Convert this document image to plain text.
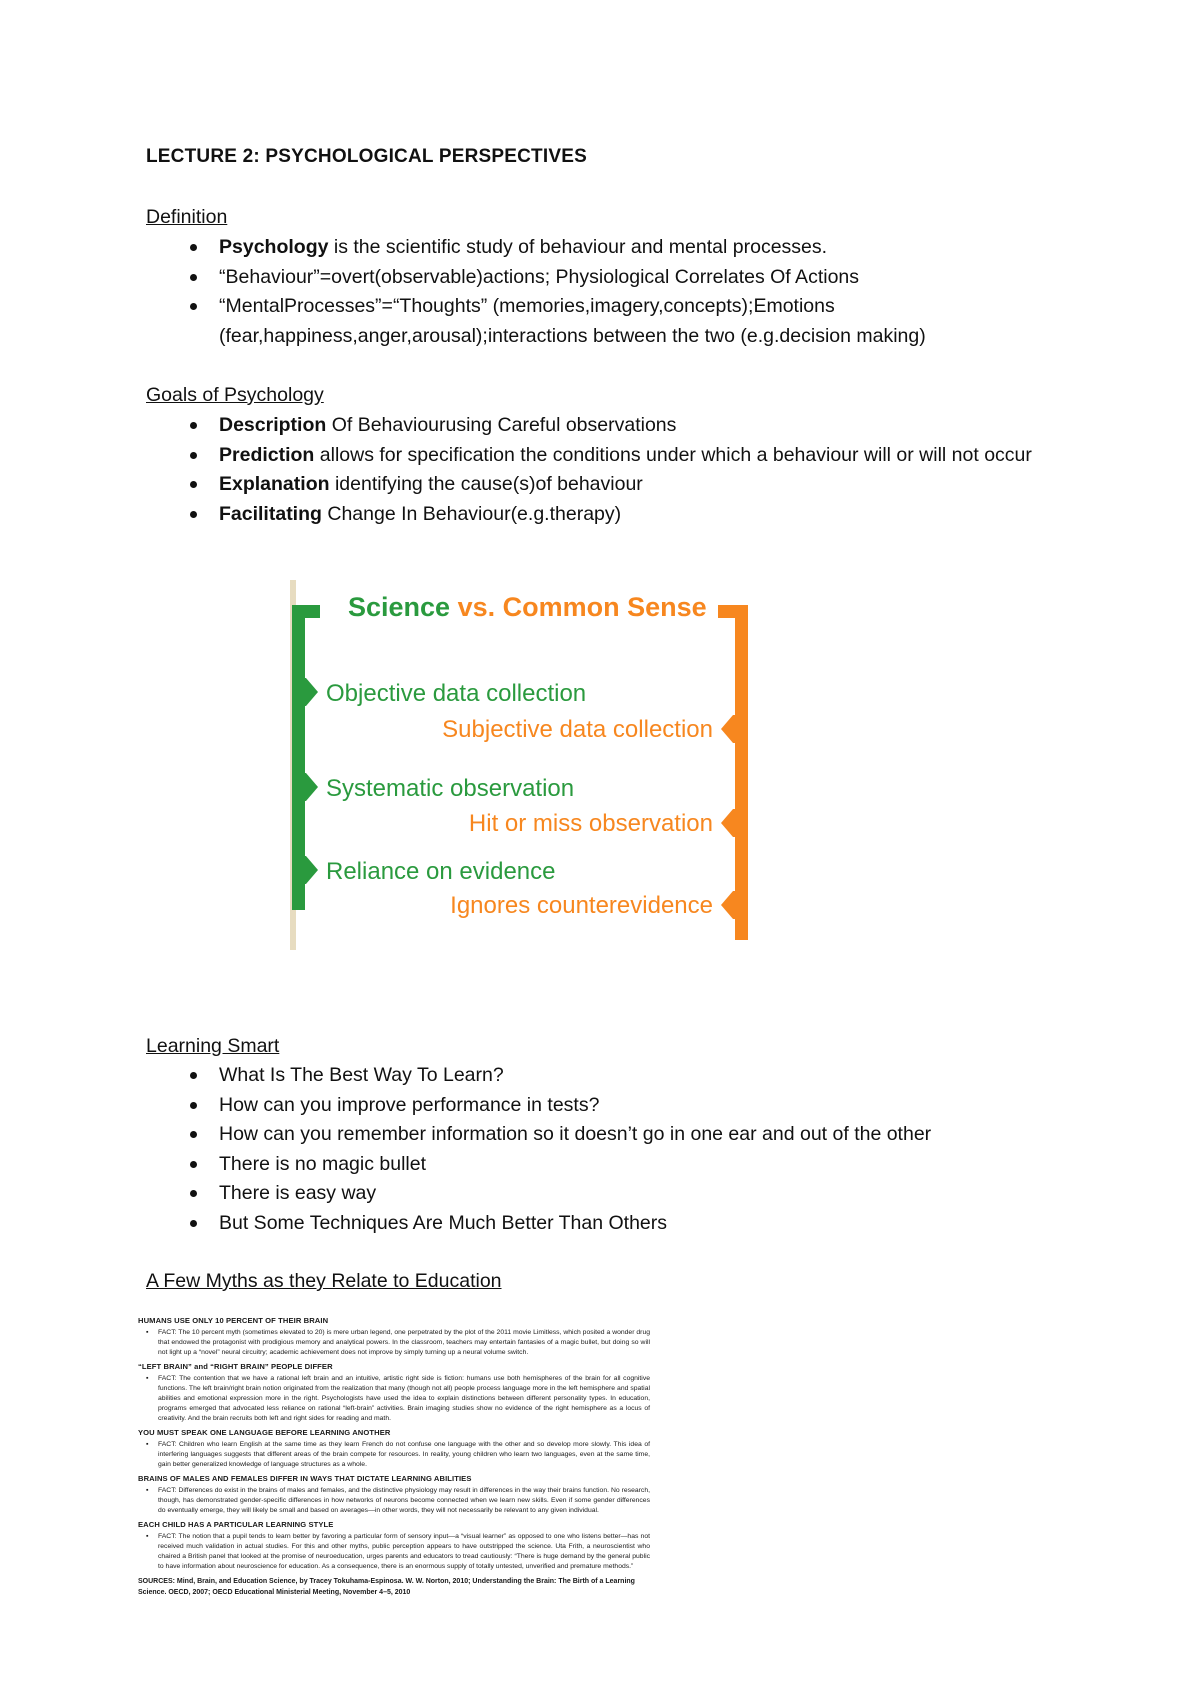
LECTURE 2: PSYCHOLOGICAL PERSPECTIVES
Definition
Psychology is the scientific study of behaviour and mental processes.
“Behaviour”=overt(observable)actions; Physiological Correlates Of Actions
“MentalProcesses”=“Thoughts” (memories,imagery,concepts);Emotions (fear,happiness,anger,arousal);interactions between the two (e.g.decision making)
Goals of Psychology
Description Of Behaviourusing Careful observations
Prediction allows for specification the conditions under which a behaviour will or will not occur
Explanation identifying the cause(s)of behaviour
Facilitating Change In Behaviour(e.g.therapy)
Science vs. Common Sense
Objective data collection
Systematic observation
Reliance on evidence
Subjective data collection
Hit or miss observation
Ignores counterevidence
Learning Smart
What Is The Best Way To Learn?
How can you improve performance in tests?
How can you remember information so it doesn’t go in one ear and out of the other
There is no magic bullet
There is easy way
But Some Techniques Are Much Better Than Others
A Few Myths as they Relate to Education
HUMANS USE ONLY 10 PERCENT OF THEIR BRAIN
▪ FACT: The 10 percent myth (sometimes elevated to 20) is mere urban legend, one perpetrated by the plot of the 2011 movie Limitless, which posited a wonder drug that endowed the protagonist with prodigious memory and analytical powers. In the classroom, teachers may entertain fantasies of a magic bullet, but doing so will not light up a “novel” neural circuitry; academic achievement does not improve by simply turning up a neural volume switch.
“LEFT BRAIN” and “RIGHT BRAIN” PEOPLE DIFFER
▪ FACT: The contention that we have a rational left brain and an intuitive, artistic right side is fiction: humans use both hemispheres of the brain for all cognitive functions. The left brain/right brain notion originated from the realization that many (though not all) people process language more in the left hemisphere and spatial abilities and emotional expression more in the right. Psychologists have used the idea to explain distinctions between different personality types. In education, programs emerged that advocated less reliance on rational “left-brain” activities. Brain imaging studies show no evidence of the right hemisphere as a locus of creativity. And the brain recruits both left and right sides for reading and math.
YOU MUST SPEAK ONE LANGUAGE BEFORE LEARNING ANOTHER
▪ FACT: Children who learn English at the same time as they learn French do not confuse one language with the other and so develop more slowly. This idea of interfering languages suggests that different areas of the brain compete for resources. In reality, young children who learn two languages, even at the same time, gain better generalized knowledge of language structures as a whole.
BRAINS OF MALES AND FEMALES DIFFER IN WAYS THAT DICTATE LEARNING ABILITIES
▪ FACT: Differences do exist in the brains of males and females, and the distinctive physiology may result in differences in the way their brains function. No research, though, has demonstrated gender-specific differences in how networks of neurons become connected when we learn new skills. Even if some gender differences do eventually emerge, they will likely be small and based on averages—in other words, they will not necessarily be relevant to any given individual.
EACH CHILD HAS A PARTICULAR LEARNING STYLE
▪ FACT: The notion that a pupil tends to learn better by favoring a particular form of sensory input—a “visual learner” as opposed to one who listens better—has not received much validation in actual studies. For this and other myths, public perception appears to have outstripped the science. Uta Frith, a neuroscientist who chaired a British panel that looked at the promise of neuroeducation, urges parents and educators to tread cautiously: “There is huge demand by the general public to have information about neuroscience for education. As a consequence, there is an enormous supply of totally untested, unverified and premature methods.”
SOURCES: Mind, Brain, and Education Science, by Tracey Tokuhama-Espinosa. W. W. Norton, 2010; Understanding the Brain: The Birth of a Learning Science. OECD, 2007; OECD Educational Ministerial Meeting, November 4–5, 2010
